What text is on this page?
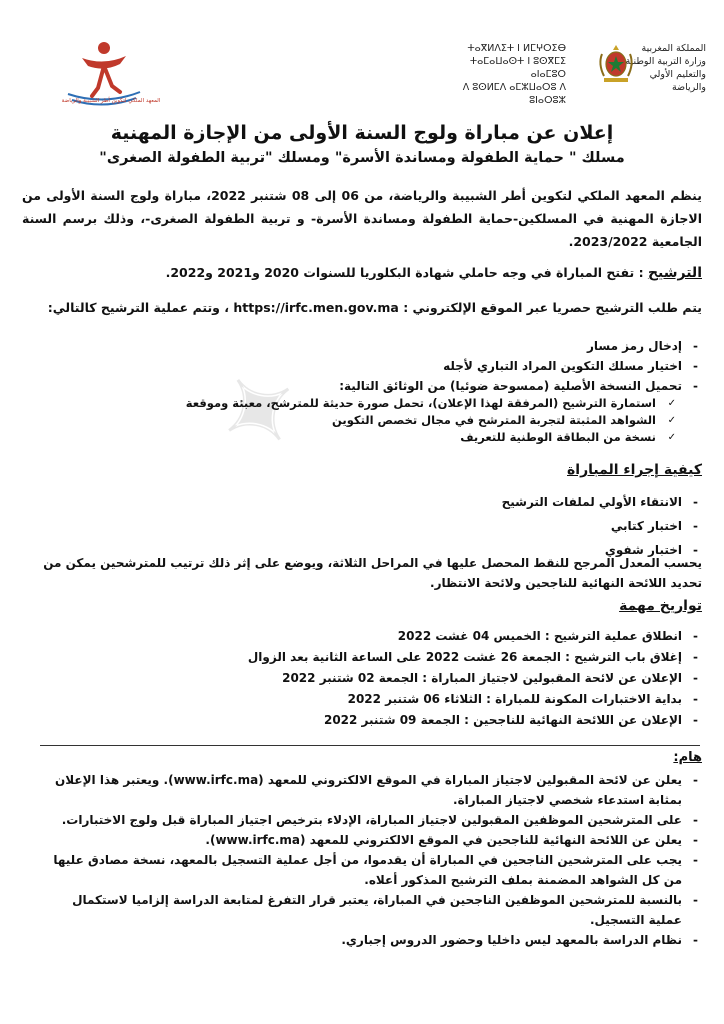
✦
المملكة المغربية
وزارة التربية الوطنية
والتعليم الأولي والرياضة
ⵜⴰⴳⵍⴷⵉⵜ ⵏ ⵍⵎⵖⵔⵉⴱ
ⵜⴰⵎⴰⵡⴰⵙⵜ ⵏ ⵓⵙⴳⵎⵉ ⴰⵏⴰⵎⵓⵔ
ⴷ ⵓⵙⵍⵎⴷ ⴰⵎⵣⵡⴰⵔⵓ ⴷ ⵓⵏⴰⵔⵓⵣ
المعهد الملكي لتكوين أطر الشبيبة والرياضة
إعلان عن مباراة ولوج السنة الأولى من الإجازة المهنية
مسلك " حماية الطفولة ومساندة الأسرة" ومسلك "تربية الطفولة الصغرى"
ينظم المعهد الملكي لتكوين أطر الشبيبة والرياضة، من 06 إلى 08 شتنبر 2022، مباراة ولوج السنة الأولى من الاجازة المهنية في المسلكين-حماية الطفولة ومساندة الأسرة- و تربية الطفولة الصغرى-، وذلك برسم السنة الجامعية 2023/2022.
الترشيح : تفتح المباراة في وجه حاملي شهادة البكلوريا للسنوات 2020 و2021 و2022.
يتم طلب الترشيح حصريا عبر الموقع الإلكتروني : https://irfc.men.gov.ma ، وتتم عملية الترشيح كالتالي:
- إدخال رمز مسار
- اختيار مسلك التكوين المراد التباري لأجله
- تحميل النسخة الأصلية (ممسوحة ضوئيا) من الوثائق التالية:
✓ استمارة الترشيح (المرفقة لهذا الإعلان)، تحمل صورة حديثة للمترشح، معبئة وموقعة
✓ الشواهد المثبتة لتجربة المترشح في مجال تخصص التكوين
✓ نسخة من البطاقة الوطنية للتعريف
كيفية إجراء المباراة
- الانتقاء الأولي لملفات الترشيح
- اختبار كتابي
- اختبار شفوي
يحسب المعدل المرجح للنقط المحصل عليها في المراحل الثلاثة، ويوضع على إثر ذلك ترتيب للمترشحين يمكن من تحديد اللائحة النهائية للناجحين ولائحة الانتظار.
تواريخ مهمة
- انطلاق عملية الترشيح : الخميس 04 غشت 2022
- إغلاق باب الترشيح : الجمعة 26 غشت 2022 على الساعة الثانية بعد الزوال
- الإعلان عن لائحة المقبولين لاجتياز المباراة : الجمعة 02 شتنبر 2022
- بداية الاختبارات المكونة للمباراة : الثلاثاء 06 شتنبر 2022
- الإعلان عن اللائحة النهائية للناجحين : الجمعة 09 شتنبر 2022
هام:
- يعلن عن لائحة المقبولين لاجتياز المباراة في الموقع الالكتروني للمعهد (www.irfc.ma). ويعتبر هذا الإعلان بمثابة استدعاء شخصي لاجتياز المباراة.
- على المترشحين الموظفين المقبولين لاجتياز المباراة، الإدلاء بترخيص اجتياز المباراة قبل ولوج الاختبارات.
- يعلن عن اللائحة النهائية للناجحين في الموقع الالكتروني للمعهد (www.irfc.ma).
- يجب على المترشحين الناجحين في المباراة أن يقدموا، من أجل عملية التسجيل بالمعهد، نسخة مصادق عليها من كل الشواهد المضمنة بملف الترشيح المذكور أعلاه.
- بالنسبة للمترشحين الموظفين الناجحين في المباراة، يعتبر قرار التفرغ لمتابعة الدراسة إلزاميا لاستكمال عملية التسجيل.
- نظام الدراسة بالمعهد ليس داخليا وحضور الدروس إجباري.
